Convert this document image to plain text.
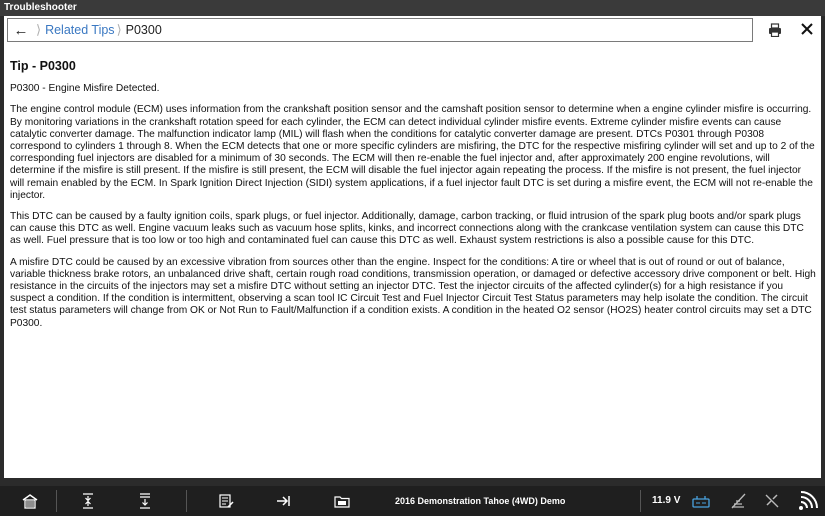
Troubleshooter
← ⟩ Related Tips ⟩ P0300
Tip - P0300

P0300 - Engine Misfire Detected.

The engine control module (ECM) uses information from the crankshaft position sensor and the camshaft position sensor to determine when a engine cylinder misfire is occurring. By monitoring variations in the crankshaft rotation speed for each cylinder, the ECM can detect individual cylinder misfire events. Extreme cylinder misfire events can cause catalytic converter damage. The malfunction indicator lamp (MIL) will flash when the conditions for catalytic converter damage are present. DTCs P0301 through P0308 correspond to cylinders 1 through 8. When the ECM detects that one or more specific cylinders are misfiring, the DTC for the respective misfiring cylinder will set and up to 2 of the corresponding fuel injectors are disabled for a minimum of 30 seconds. The ECM will then re-enable the fuel injector and, after approximately 200 engine revolutions, will determine if the misfire is still present. If the misfire is still present, the ECM will disable the fuel injector again repeating the process. If the misfire is not present, the fuel injector will remain enabled by the ECM. In Spark Ignition Direct Injection (SIDI) system applications, if a fuel injector fault DTC is set during a misfire event, the ECM will not re-enable the injector.

This DTC can be caused by a faulty ignition coils, spark plugs, or fuel injector. Additionally, damage, carbon tracking, or fluid intrusion of the spark plug boots and/or spark plugs can cause this DTC as well. Engine vacuum leaks such as vacuum hose splits, kinks, and incorrect connections along with the crankcase ventilation system can cause this DTC as well. Fuel pressure that is too low or too high and contaminated fuel can cause this DTC as well. Exhaust system restrictions is also a possible cause for this DTC.

A misfire DTC could be caused by an excessive vibration from sources other than the engine. Inspect for the conditions: A tire or wheel that is out of round or out of balance, variable thickness brake rotors, an unbalanced drive shaft, certain rough road conditions, transmission operation, or damaged or defective accessory drive component or belt. High resistance in the circuits of the injectors may set a misfire DTC without setting an injector DTC. Test the injector circuits of the affected cylinder(s) for a high resistance if you suspect a condition. If the condition is intermittent, observing a scan tool IC Circuit Test and Fuel Injector Circuit Test Status parameters may help isolate the condition. The circuit test status parameters will change from OK or Not Run to Fault/Malfunction if a condition exists. A condition in the heated O2 sensor (HO2S) heater control circuits may set a DTC P0300.

2016 Demonstration Tahoe (4WD) Demo	11.9 V
